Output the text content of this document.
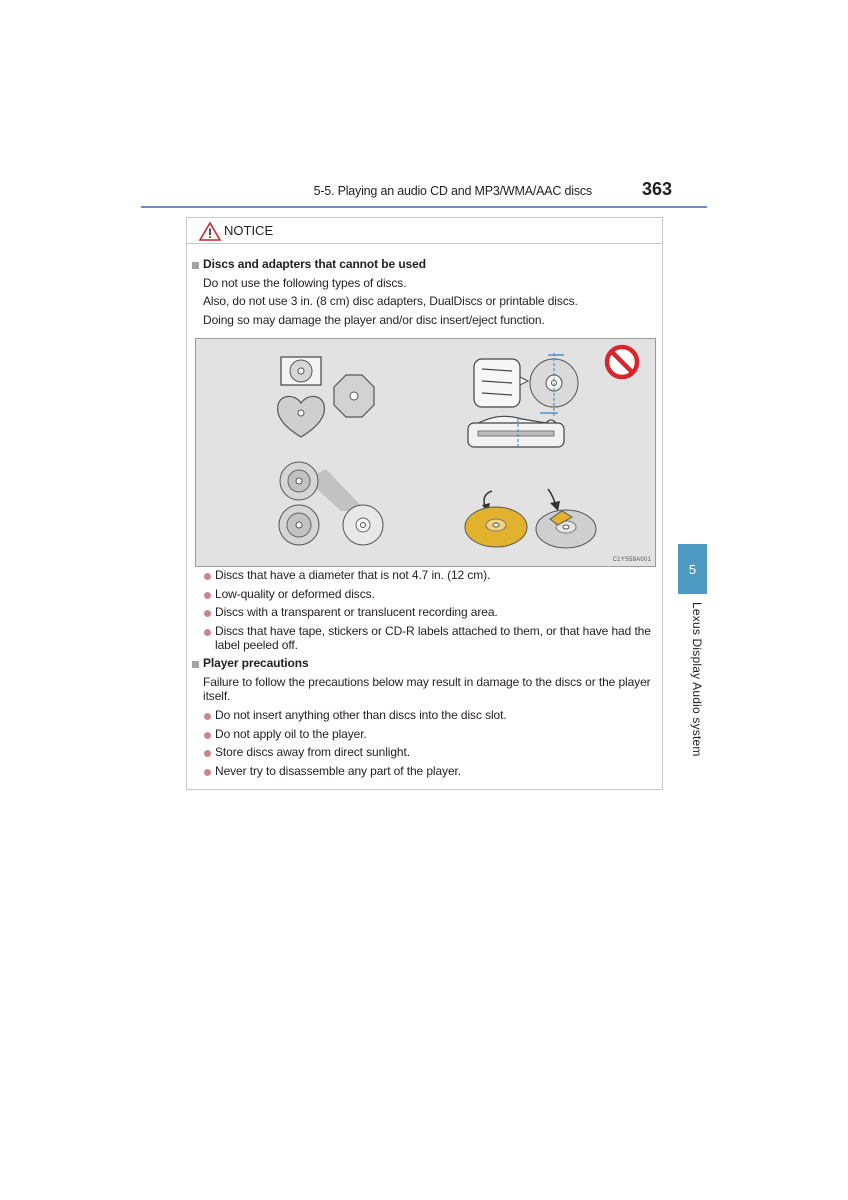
5-5. Playing an audio CD and MP3/WMA/AAC discs	363
5
Lexus Display Audio system
NOTICE
Discs and adapters that cannot be used
Do not use the following types of discs.
Also, do not use 3 in. (8 cm) disc adapters, DualDiscs or printable discs.
Doing so may damage the player and/or disc insert/eject function.
C1YS58A001
Discs that have a diameter that is not 4.7 in. (12 cm).
Low-quality or deformed discs.
Discs with a transparent or translucent recording area.
Discs that have tape, stickers or CD-R labels attached to them, or that have had the
label peeled off.
Player precautions
Failure to follow the precautions below may result in damage to the discs or the player
itself.
Do not insert anything other than discs into the disc slot.
Do not apply oil to the player.
Store discs away from direct sunlight.
Never try to disassemble any part of the player.
